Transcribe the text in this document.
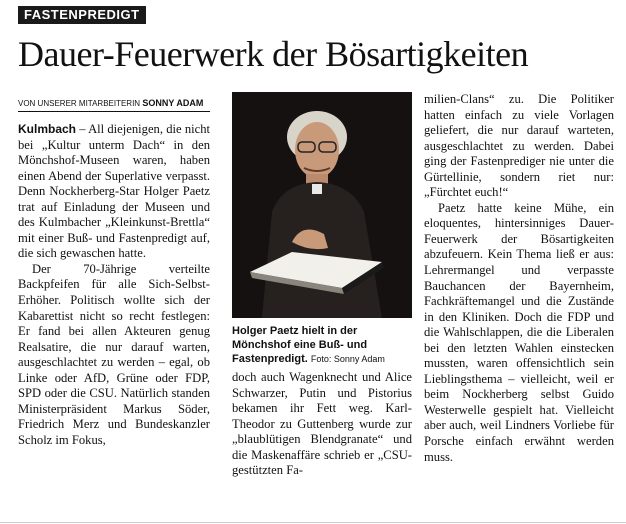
FASTENPREDIGT
Dauer-Feuerwerk der Bösartigkeiten
VON UNSERER MITARBEITERIN SONNY ADAM

Kulmbach – All diejenigen, die nicht bei „Kultur unterm Dach“ in den Mönchshof-Museen waren, haben einen Abend der Superlative verpasst. Denn Nockherberg-Star Holger Paetz trat auf Einladung der Museen und des Kulmbacher „Kleinkunst-Brettla“ mit einer Buß- und Fastenpredigt auf, die sich gewaschen hatte.

Der 70-Jährige verteilte Backpfeifen für alle Sich-Selbst-Erhöher. Politisch wollte sich der Kabarettist nicht so recht festlegen: Er fand bei allen Akteuren genug Realsatire, die nur darauf warten, ausgeschlachtet zu werden – egal, ob Linke oder AfD, Grüne oder FDP, SPD oder die CSU. Natürlich standen Ministerpräsident Markus Söder, Friedrich Merz und Bundeskanzler Scholz im Fokus,

Holger Paetz hielt in der Mönchshof eine Buß- und Fastenpredigt. Foto: Sonny Adam

doch auch Wagenknecht und Alice Schwarzer, Putin und Pistorius bekamen ihr Fett weg. Karl-Theodor zu Guttenberg wurde zur „blaublütigen Blendgranate“ und die Maskenaffäre schrieb er „CSU-gestützten Fa-

milien-Clans“ zu. Die Politiker hatten einfach zu viele Vorlagen geliefert, die nur darauf warteten, ausgeschlachtet zu werden. Dabei ging der Fastenprediger nie unter die Gürtellinie, sondern riet nur: „Fürchtet euch!“

Paetz hatte keine Mühe, ein eloquentes, hintersinniges Dauer-Feuerwerk der Bösartigkeiten abzufeuern. Kein Thema ließ er aus: Lehrermangel und verpasste Bauchancen der Bayernheim, Fachkräftemangel und die Zustände in den Kliniken. Doch die FDP und die Wahlschlappen, die die Liberalen bei den letzten Wahlen einstecken mussten, waren offensichtlich sein Lieblingsthema – vielleicht, weil er beim Nockherberg selbst Guido Westerwelle gespielt hat. Vielleicht aber auch, weil Lindners Vorliebe für Porsche einfach erwähnt werden muss.
